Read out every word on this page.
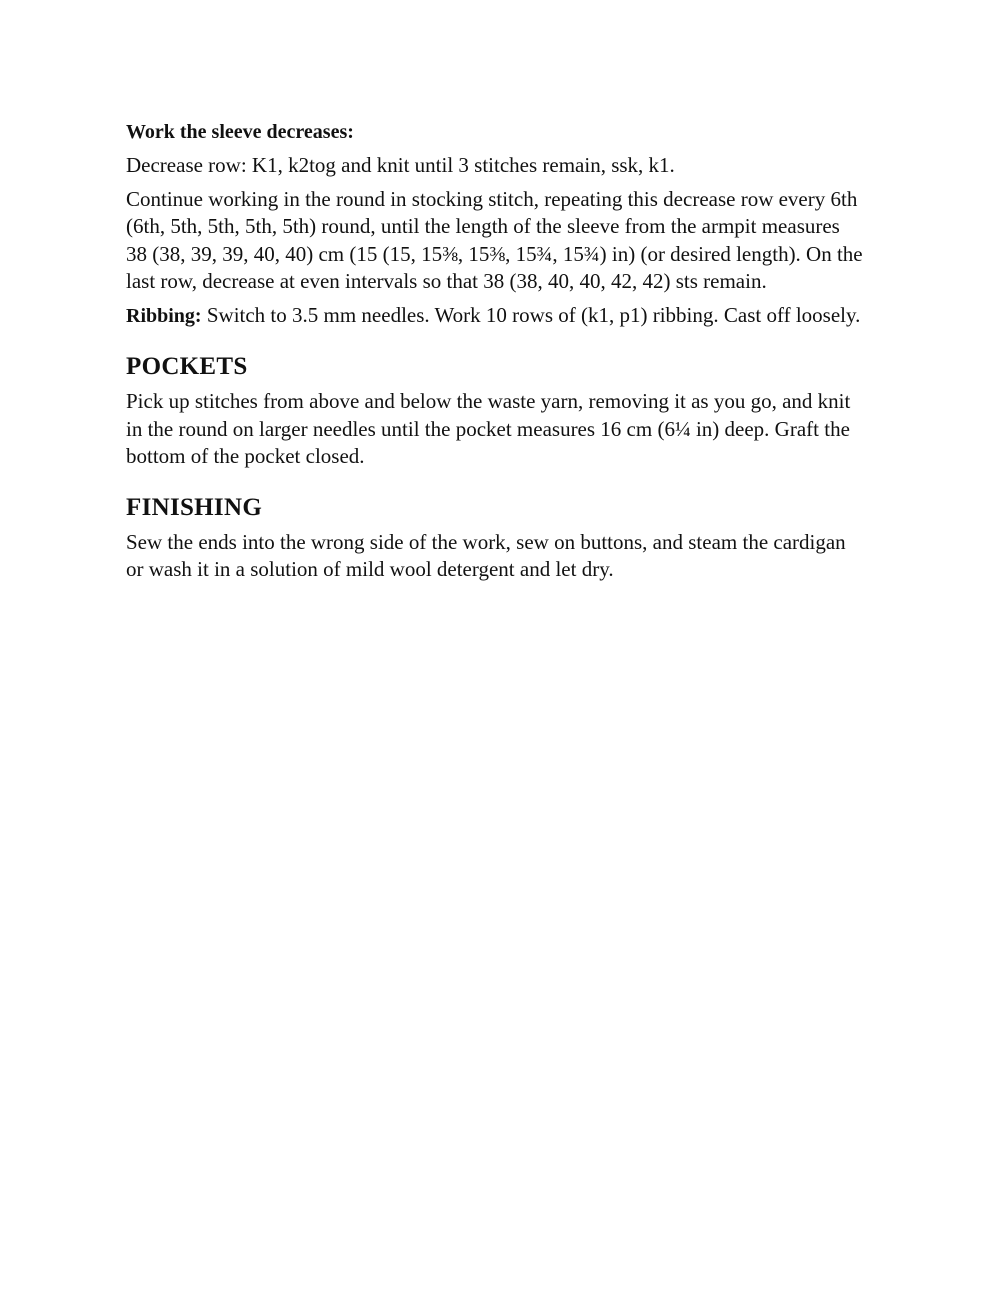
Work the sleeve decreases:

Decrease row: K1, k2tog and knit until 3 stitches remain, ssk, k1.

Continue working in the round in stocking stitch, repeating this decrease row every 6th (6th, 5th, 5th, 5th, 5th) round, until the length of the sleeve from the armpit measures 38 (38, 39, 39, 40, 40) cm (15 (15, 15⅜, 15⅜, 15¾, 15¾) in) (or desired length). On the last row, decrease at even intervals so that 38 (38, 40, 40, 42, 42) sts remain.

Ribbing: Switch to 3.5 mm needles. Work 10 rows of (k1, p1) ribbing. Cast off loosely.

POCKETS

Pick up stitches from above and below the waste yarn, removing it as you go, and knit in the round on larger needles until the pocket measures 16 cm (6¼ in) deep. Graft the bottom of the pocket closed.

FINISHING

Sew the ends into the wrong side of the work, sew on buttons, and steam the cardigan or wash it in a solution of mild wool detergent and let dry.
